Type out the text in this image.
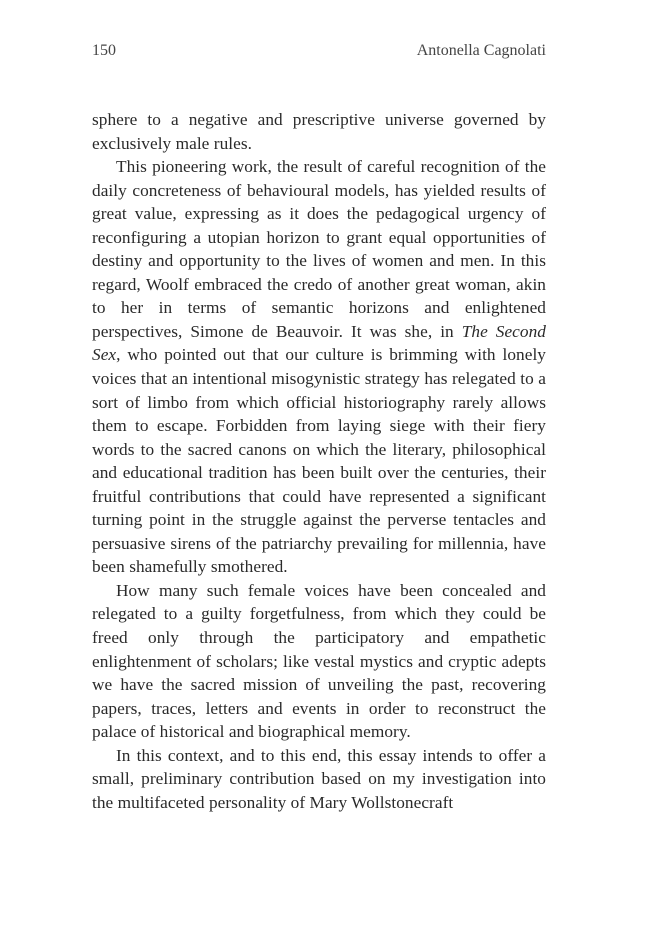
150	Antonella Cagnolati

sphere to a negative and prescriptive universe governed by exclusively male rules.

This pioneering work, the result of careful recognition of the daily concreteness of behavioural models, has yielded results of great value, expressing as it does the pedagogical urgency of reconfiguring a utopian horizon to grant equal opportunities of destiny and opportunity to the lives of women and men. In this regard, Woolf embraced the credo of another great woman, akin to her in terms of semantic horizons and enlightened perspectives, Simone de Beauvoir. It was she, in The Second Sex, who pointed out that our culture is brimming with lonely voices that an intentional misogynistic strategy has relegated to a sort of limbo from which official historiography rarely allows them to escape. Forbidden from laying siege with their fiery words to the sacred canons on which the literary, philosophical and educational tradition has been built over the centuries, their fruitful contributions that could have represented a significant turning point in the struggle against the perverse tentacles and persuasive sirens of the patriarchy prevailing for millennia, have been shamefully smothered.

How many such female voices have been concealed and relegated to a guilty forgetfulness, from which they could be freed only through the participatory and empathetic enlightenment of scholars; like vestal mystics and cryptic adepts we have the sacred mission of unveiling the past, recovering papers, traces, letters and events in order to reconstruct the palace of historical and biographical memory.

In this context, and to this end, this essay intends to offer a small, preliminary contribution based on my investigation into the multifaceted personality of Mary Wollstonecraft
